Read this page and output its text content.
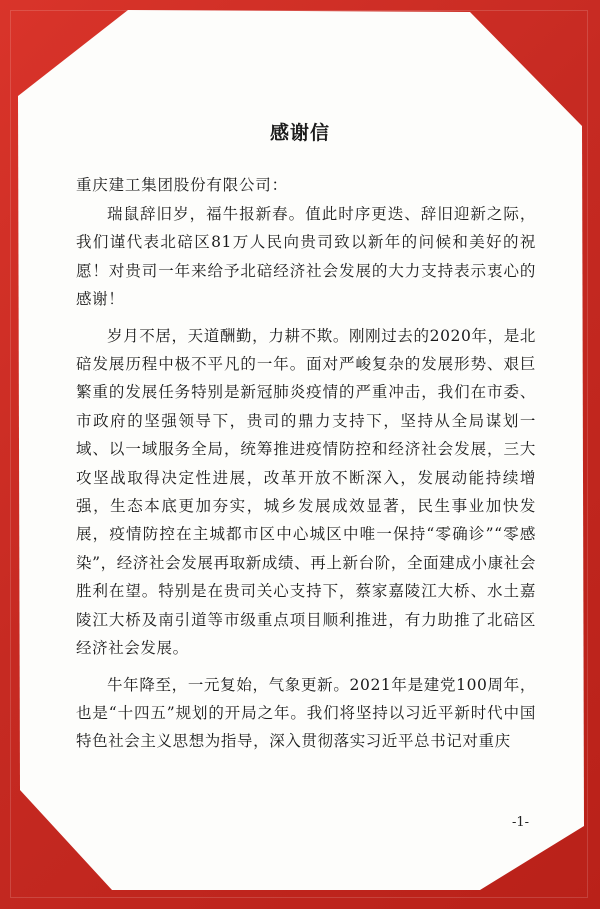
感谢信
重庆建工集团股份有限公司：

瑞鼠辞旧岁，福牛报新春。值此时序更迭、辞旧迎新之际，我们谨代表北碚区81万人民向贵司致以新年的问候和美好的祝愿！对贵司一年来给予北碚经济社会发展的大力支持表示衷心的感谢！

岁月不居，天道酬勤，力耕不欺。刚刚过去的2020年，是北碚发展历程中极不平凡的一年。面对严峻复杂的发展形势、艰巨繁重的发展任务特别是新冠肺炎疫情的严重冲击，我们在市委、市政府的坚强领导下，贵司的鼎力支持下，坚持从全局谋划一域、以一域服务全局，统筹推进疫情防控和经济社会发展，三大攻坚战取得决定性进展，改革开放不断深入，发展动能持续增强，生态本底更加夯实，城乡发展成效显著，民生事业加快发展，疫情防控在主城都市区中心城区中唯一保持“零确诊”“零感染”，经济社会发展再取新成绩、再上新台阶，全面建成小康社会胜利在望。特别是在贵司关心支持下，蔡家嘉陵江大桥、水土嘉陵江大桥及南引道等市级重点项目顺利推进，有力助推了北碚区经济社会发展。

牛年降至，一元复始，气象更新。2021年是建党100周年，也是“十四五”规划的开局之年。我们将坚持以习近平新时代中国特色社会主义思想为指导，深入贯彻落实习近平总书记对重庆

-1-
